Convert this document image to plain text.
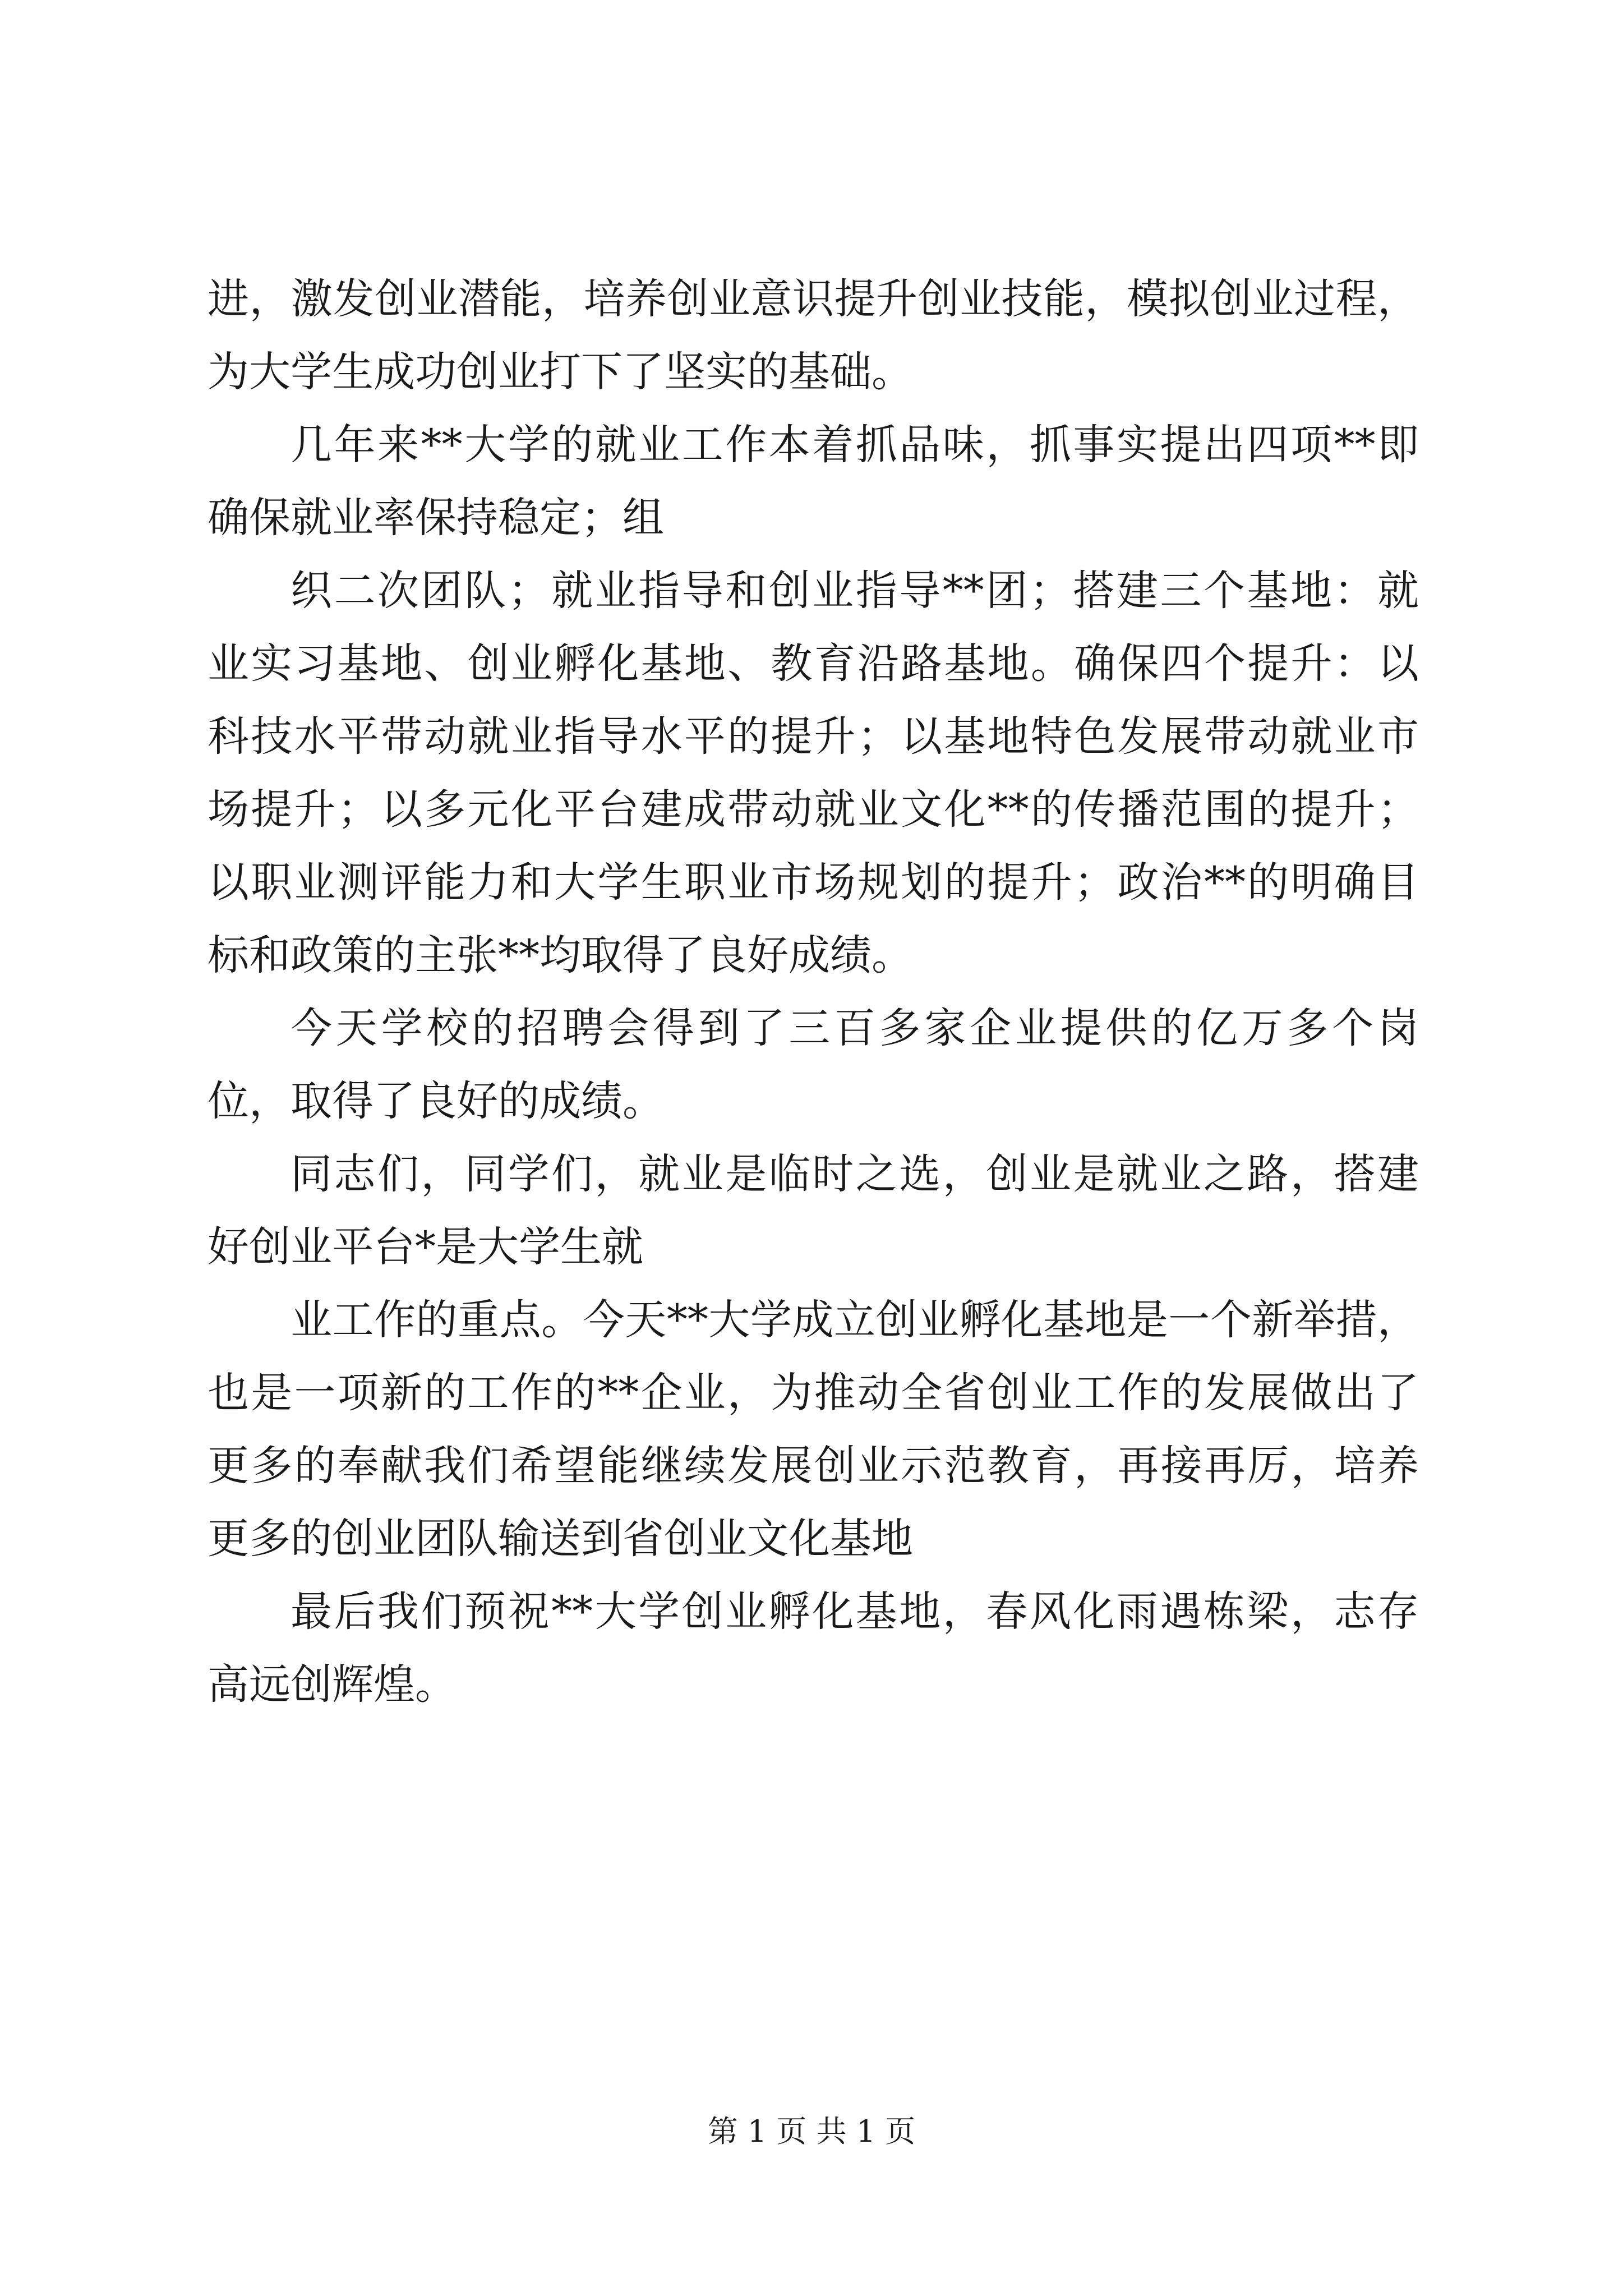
进，激发创业潜能，培养创业意识提升创业技能，模拟创业过程，
为大学生成功创业打下了坚实的基础。
几年来**大学的就业工作本着抓品味，抓事实提出四项**即
确保就业率保持稳定；组
织二次团队；就业指导和创业指导**团；搭建三个基地：就
业实习基地、创业孵化基地、教育沿路基地。确保四个提升：以
科技水平带动就业指导水平的提升；以基地特色发展带动就业市
场提升；以多元化平台建成带动就业文化**的传播范围的提升；
以职业测评能力和大学生职业市场规划的提升；政治**的明确目
标和政策的主张**均取得了良好成绩。
今天学校的招聘会得到了三百多家企业提供的亿万多个岗
位，取得了良好的成绩。
同志们，同学们，就业是临时之选，创业是就业之路，搭建
好创业平台*是大学生就
业工作的重点。今天**大学成立创业孵化基地是一个新举措，
也是一项新的工作的**企业，为推动全省创业工作的发展做出了
更多的奉献我们希望能继续发展创业示范教育，再接再厉，培养
更多的创业团队输送到省创业文化基地
最后我们预祝**大学创业孵化基地，春风化雨遇栋梁，志存
高远创辉煌。
第 1 页 共 1 页
